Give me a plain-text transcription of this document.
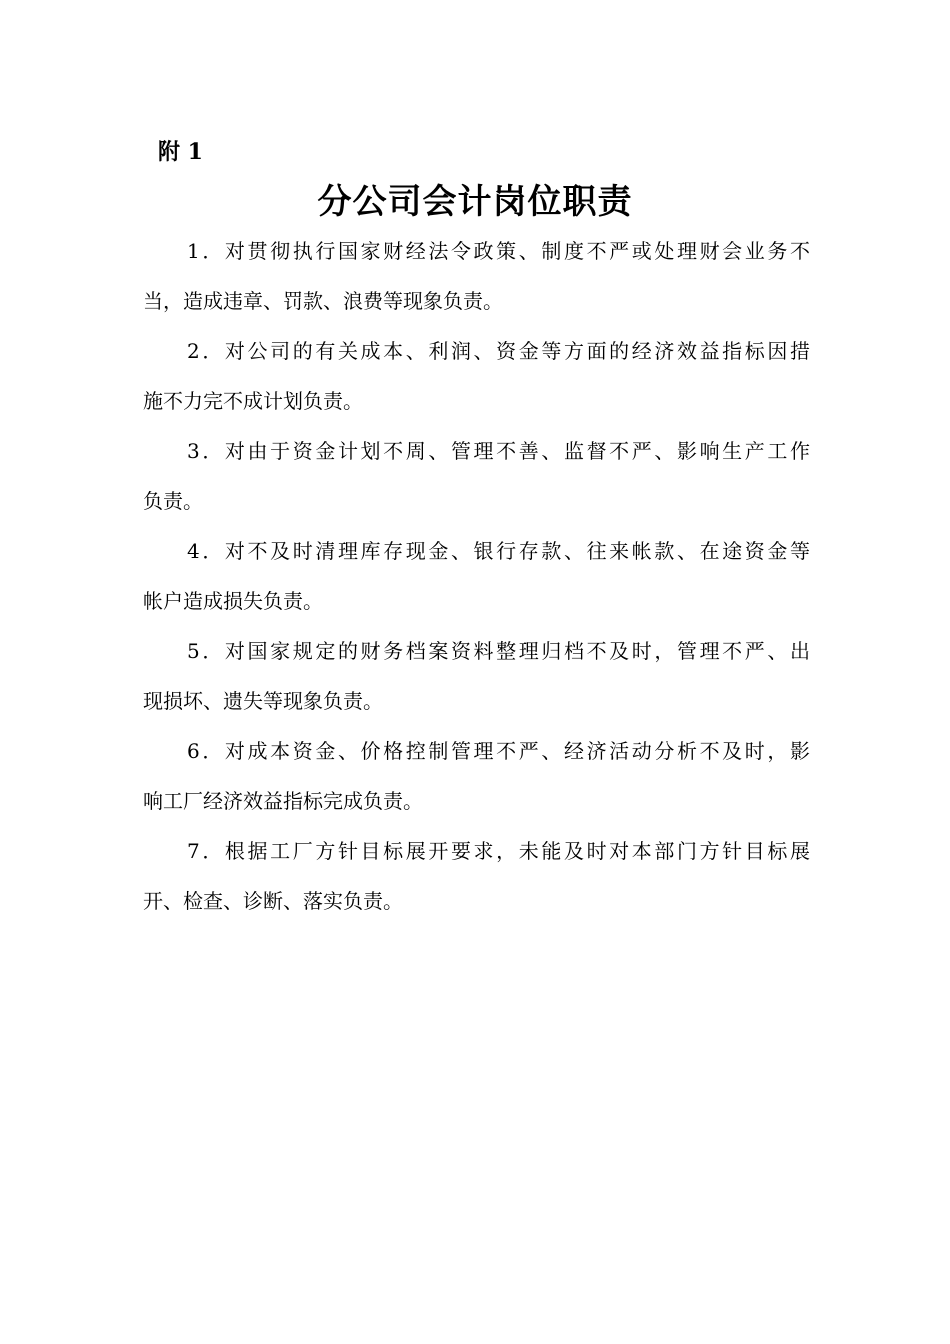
附 1
分公司会计岗位职责
1．对贯彻执行国家财经法令政策、制度不严或处理财会业务不
当，造成违章、罚款、浪费等现象负责。
2．对公司的有关成本、利润、资金等方面的经济效益指标因措
施不力完不成计划负责。
3．对由于资金计划不周、管理不善、监督不严、影响生产工作
负责。
4．对不及时清理库存现金、银行存款、往来帐款、在途资金等
帐户造成损失负责。
5．对国家规定的财务档案资料整理归档不及时，管理不严、出
现损坏、遗失等现象负责。
6．对成本资金、价格控制管理不严、经济活动分析不及时，影
响工厂经济效益指标完成负责。
7．根据工厂方针目标展开要求，未能及时对本部门方针目标展
开、检查、诊断、落实负责。
